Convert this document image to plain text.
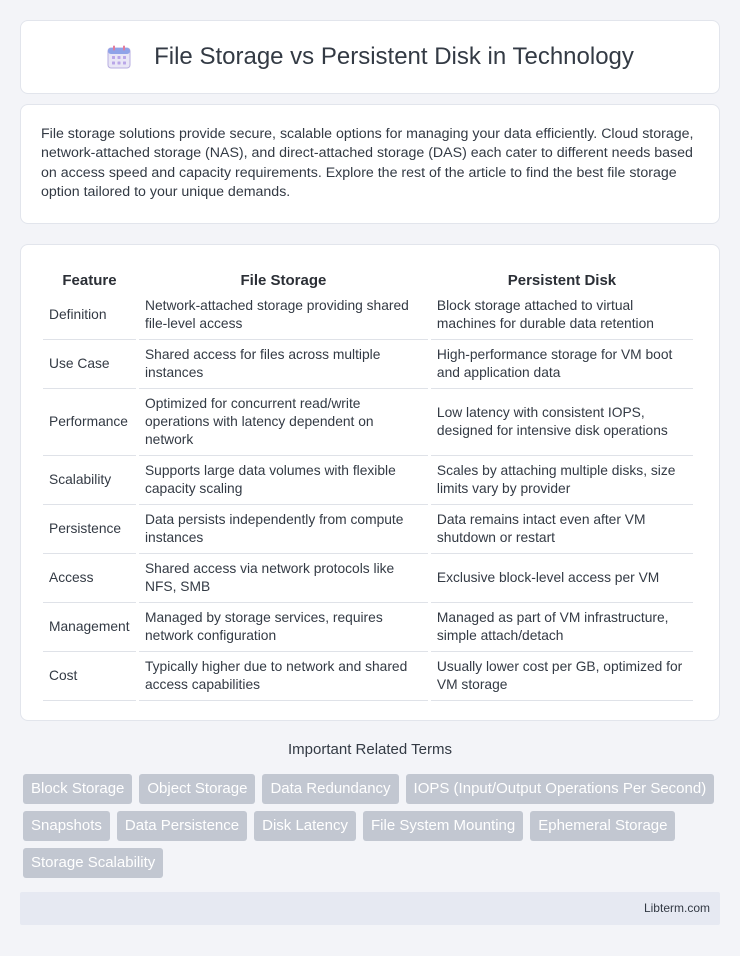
File Storage vs Persistent Disk in Technology

File storage solutions provide secure, scalable options for managing your data efficiently. Cloud storage, network-attached storage (NAS), and direct-attached storage (DAS) each cater to different needs based on access speed and capacity requirements. Explore the rest of the article to find the best file storage option tailored to your unique demands.

Feature	File Storage	Persistent Disk
Definition	Network-attached storage providing shared file-level access	Block storage attached to virtual machines for durable data retention
Use Case	Shared access for files across multiple instances	High-performance storage for VM boot and application data
Performance	Optimized for concurrent read/write operations with latency dependent on network	Low latency with consistent IOPS, designed for intensive disk operations
Scalability	Supports large data volumes with flexible capacity scaling	Scales by attaching multiple disks, size limits vary by provider
Persistence	Data persists independently from compute instances	Data remains intact even after VM shutdown or restart
Access	Shared access via network protocols like NFS, SMB	Exclusive block-level access per VM
Management	Managed by storage services, requires network configuration	Managed as part of VM infrastructure, simple attach/detach
Cost	Typically higher due to network and shared access capabilities	Usually lower cost per GB, optimized for VM storage
Important Related Terms
Block Storage	Object Storage	Data Redundancy	IOPS (Input/Output Operations Per Second)
Snapshots	Data Persistence	Disk Latency	File System Mounting	Ephemeral Storage
Storage Scalability
Libterm.com
